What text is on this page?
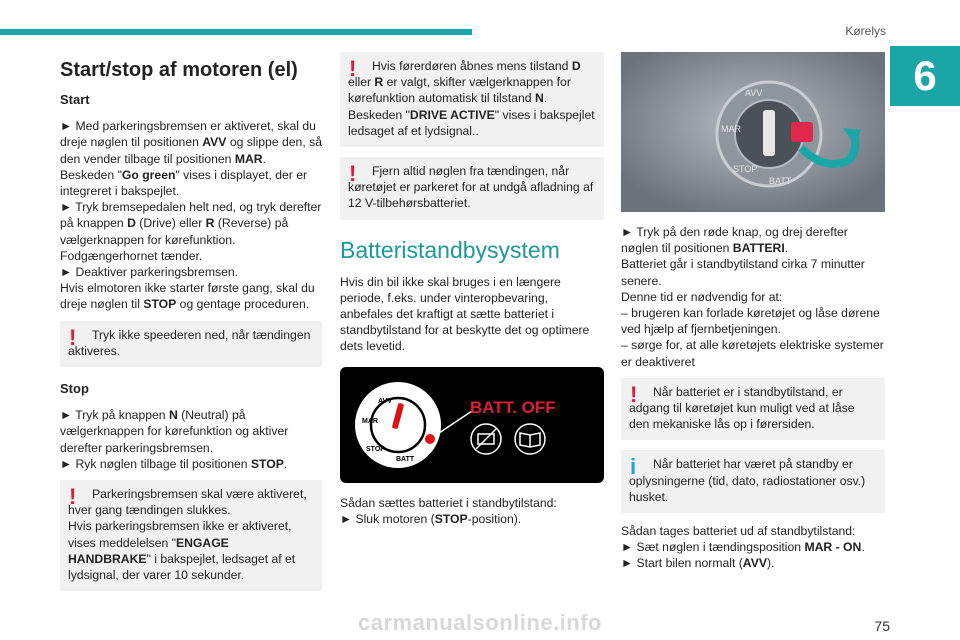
Kørelys
6
Start/stop af motoren (el)
Start

► Med parkeringsbremsen er aktiveret, skal du dreje nøglen til positionen AVV og slippe den, så den vender tilbage til positionen MAR.

Beskeden "Go green" vises i displayet, der er integreret i bakspejlet.

► Tryk bremsepedalen helt ned, og tryk derefter på knappen D (Drive) eller R (Reverse) på vælgerknappen for kørefunktion.

Fodgængerhornet tænder.

► Deaktiver parkeringsbremsen.

Hvis elmotoren ikke starter første gang, skal du dreje nøglen til STOP og gentage proceduren.

!	Tryk ikke speederen ned, når tændingen aktiveres.

Stop

► Tryk på knappen N (Neutral) på vælgerknappen for kørefunktion og aktiver derefter parkeringsbremsen.

► Ryk nøglen tilbage til positionen STOP.

!	Parkeringsbremsen skal være aktiveret, hver gang tændingen slukkes.

Hvis parkeringsbremsen ikke er aktiveret, vises meddelelsen "ENGAGE HANDBRAKE" i bakspejlet, ledsaget af et lydsignal, der varer 10 sekunder.

!	Hvis førerdøren åbnes mens tilstand D eller R er valgt, skifter vælgerknappen for kørefunktion automatisk til tilstand N.

Beskeden "DRIVE ACTIVE" vises i bakspejlet ledsaget af et lydsignal..

!	Fjern altid nøglen fra tændingen, når køretøjet er parkeret for at undgå afladning af 12 V-tilbehørsbatteriet.

Batteristandbysystem

Hvis din bil ikke skal bruges i en længere periode, f.eks. under vinteropbevaring, anbefales det kraftigt at sætte batteriet i standbytilstand for at beskytte det og optimere dets levetid.

AVV
MAR
STOP
BATT
BATT. OFF

Sådan sættes batteriet i standbytilstand:

► Sluk motoren (STOP-position).

AVV
MAR
STOP
BATT

► Tryk på den røde knap, og drej derefter nøglen til positionen BATTERI.

Batteriet går i standbytilstand cirka 7 minutter senere.

Denne tid er nødvendig for at:

– brugeren kan forlade køretøjet og låse dørene ved hjælp af fjernbetjeningen.

– sørge for, at alle køretøjets elektriske systemer er deaktiveret

!	Når batteriet er i standbytilstand, er adgang til køretøjet kun muligt ved at låse den mekaniske lås op i førersiden.

i	Når batteriet har været på standby er oplysningerne (tid, dato, radiostationer osv.) husket.

Sådan tages batteriet ud af standbytilstand:

► Sæt nøglen i tændingsposition MAR - ON.

► Start bilen normalt (AVV).

75
carmanualsonline.info
